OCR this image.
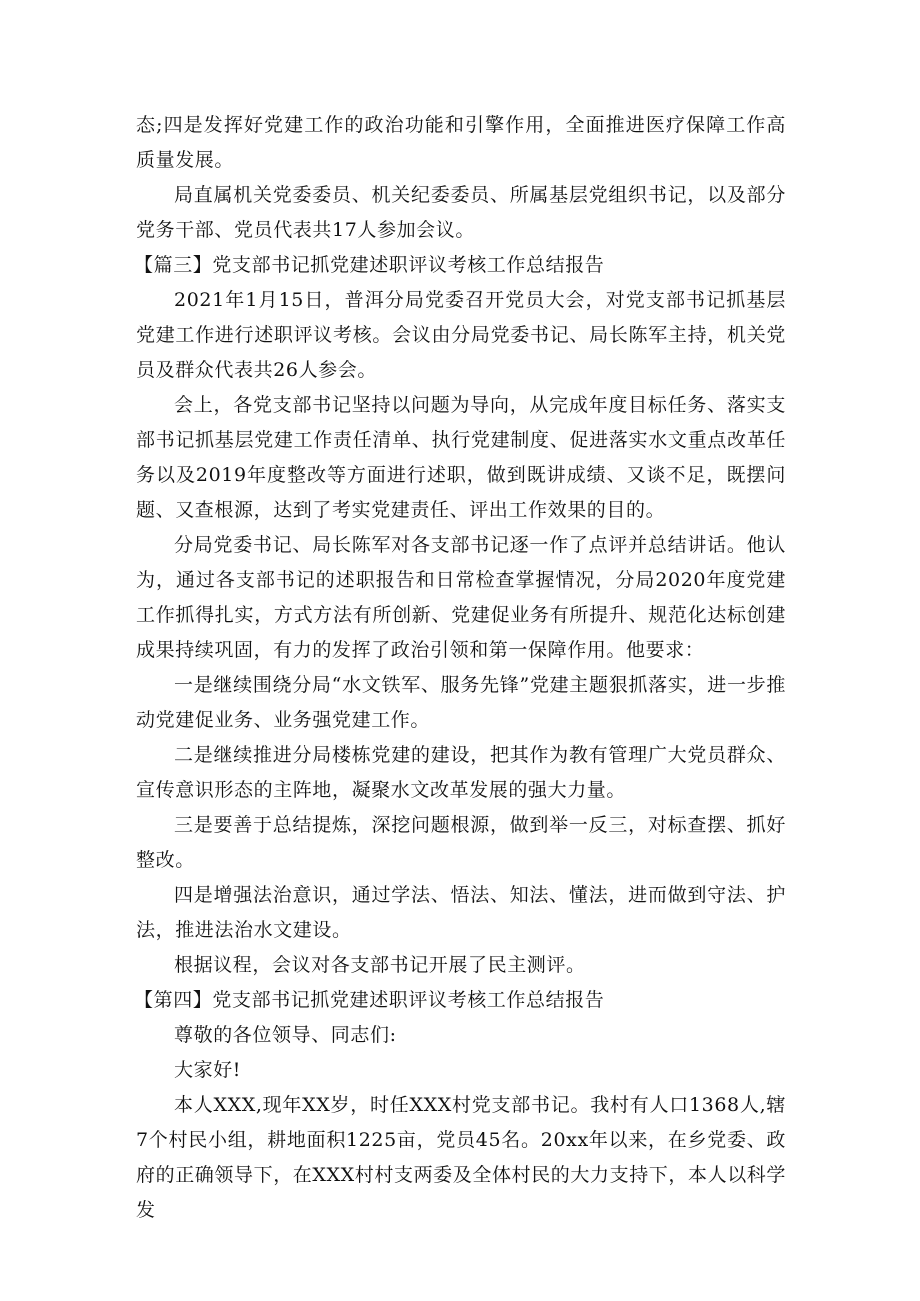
态;四是发挥好党建工作的政治功能和引擎作用，全面推进医疗保障工作高质量发展。

局直属机关党委委员、机关纪委委员、所属基层党组织书记，以及部分党务干部、党员代表共17人参加会议。

【篇三】党支部书记抓党建述职评议考核工作总结报告

2021年1月15日，普洱分局党委召开党员大会，对党支部书记抓基层党建工作进行述职评议考核。会议由分局党委书记、局长陈军主持，机关党员及群众代表共26人参会。

会上，各党支部书记坚持以问题为导向，从完成年度目标任务、落实支部书记抓基层党建工作责任清单、执行党建制度、促进落实水文重点改革任务以及2019年度整改等方面进行述职，做到既讲成绩、又谈不足，既摆问题、又查根源，达到了考实党建责任、评出工作效果的目的。

分局党委书记、局长陈军对各支部书记逐一作了点评并总结讲话。他认为，通过各支部书记的述职报告和日常检查掌握情况，分局2020年度党建工作抓得扎实，方式方法有所创新、党建促业务有所提升、规范化达标创建成果持续巩固，有力的发挥了政治引领和第一保障作用。他要求：

一是继续围绕分局“水文铁军、服务先锋”党建主题狠抓落实，进一步推动党建促业务、业务强党建工作。

二是继续推进分局楼栋党建的建设，把其作为教有管理广大党员群众、宣传意识形态的主阵地，凝聚水文改革发展的强大力量。

三是要善于总结提炼，深挖问题根源，做到举一反三，对标查摆、抓好整改。

四是增强法治意识，通过学法、悟法、知法、懂法，进而做到守法、护法，推进法治水文建设。

根据议程，会议对各支部书记开展了民主测评。

【第四】党支部书记抓党建述职评议考核工作总结报告

尊敬的各位领导、同志们:

大家好!

本人XXX,现年XX岁，时任XXX村党支部书记。我村有人口1368人,辖7个村民小组，耕地面积1225亩，党员45名。20xx年以来，在乡党委、政府的正确领导下，在XXX村村支两委及全体村民的大力支持下，本人以科学发
